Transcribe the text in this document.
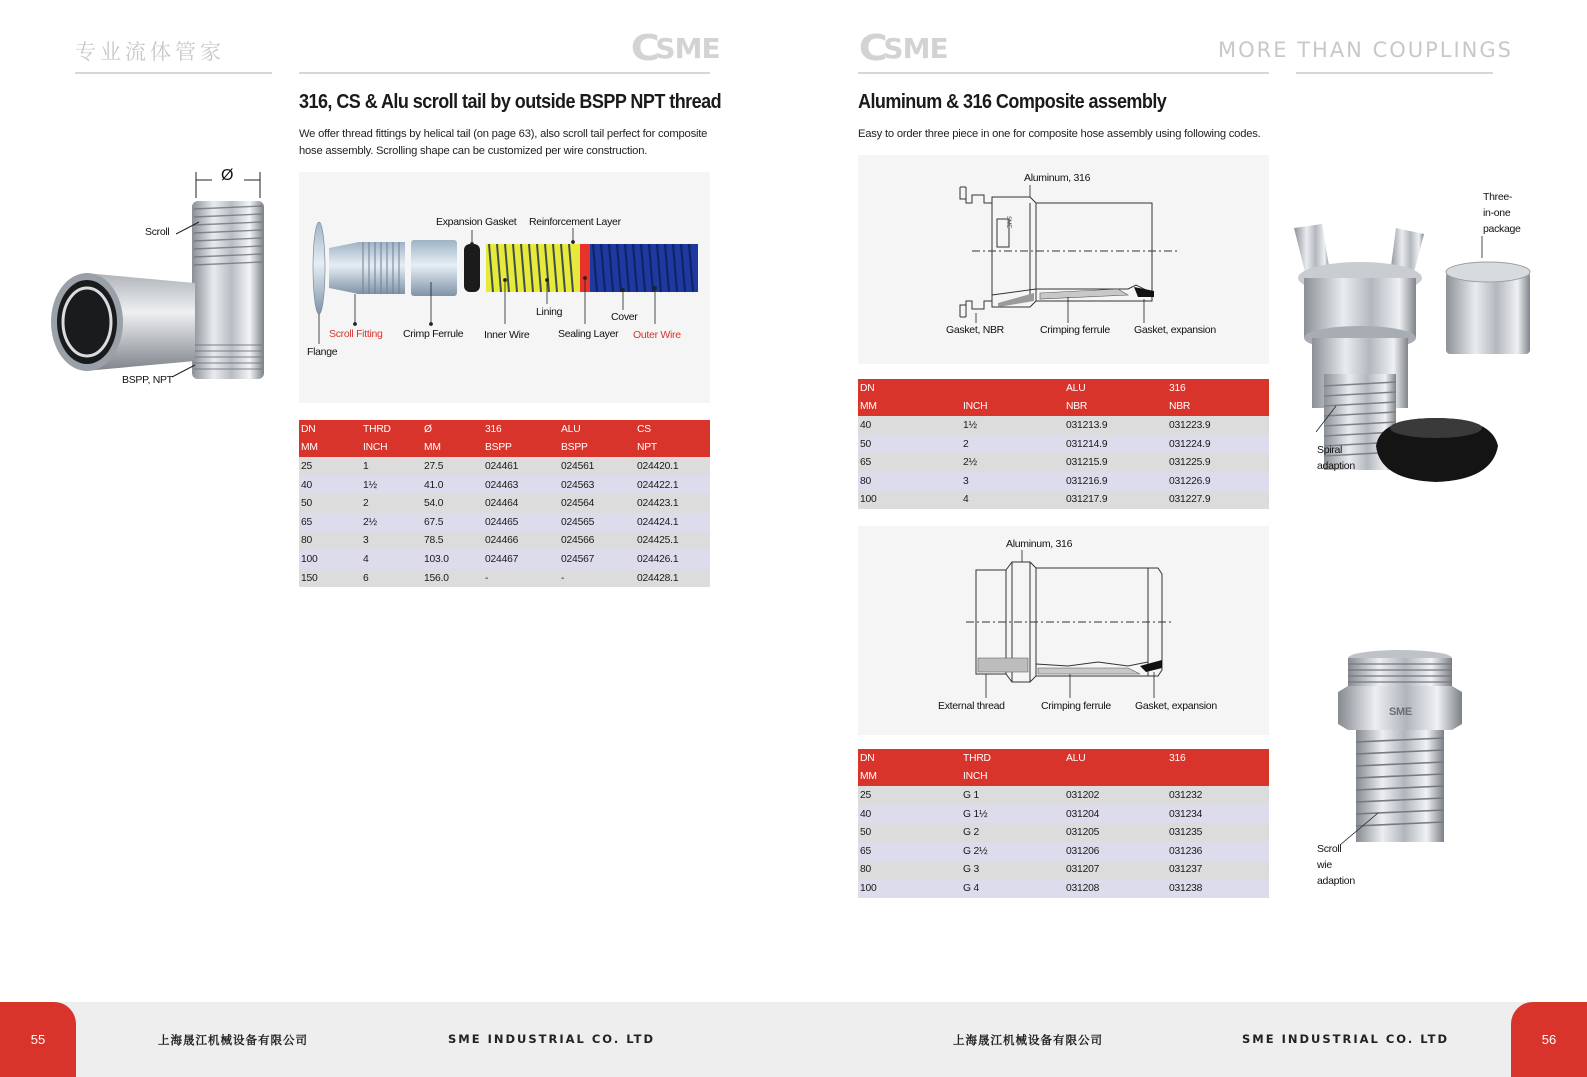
专业流体管家	C
SME	C
SME	MORE THAN COUPLINGS
316, CS & Alu scroll tail by outside BSPP NPT thread
We offer thread fittings by helical tail (on page 63), also scroll tail perfect for composite hose assembly. Scrolling shape can be customized per wire construction.
Ø
Scroll
BSPP, NPT
Expansion Gasket Reinforcement Layer
Lining	Cover
Scroll Fitting Crimp Ferrule Inner Wire	Sealing Layer Outer Wire
Flange
DN	THRD	Ø	316	ALU	CS
MM	INCH	MM	BSPP	BSPP	NPT
25	1	27.5	024461	024561	024420.1
40	1½	41.0	024463	024563	024422.1
50	2	54.0	024464	024564	024423.1
65	2½	67.5	024465	024565	024424.1
80	3	78.5	024466	024566	024425.1
100	4	103.0	024467	024567	024426.1
150	6	156.0	-	-	024428.1
Aluminum & 316 Composite assembly
Easy to order three piece in one for composite hose assembly using following codes.
Aluminum, 316
SME
Gasket, NBR	Crimping ferrule Gasket, expansion
DN		ALU	316
MM	INCH	NBR	NBR
40	1½	031213.9	031223.9
50	2	031214.9	031224.9
65	2½	031215.9	031225.9
80	3	031216.9	031226.9
100	4	031217.9	031227.9
Aluminum, 316
External thread	Crimping ferrule Gasket, expansion
DN	THRD	ALU	316
MM	INCH		
25	G 1	031202	031232
40	G 1½	031204	031234
50	G 2	031205	031235
65	G 2½	031206	031236
80	G 3	031207	031237
100	G 4	031208	031238
Three-
in-one
package
Spiral
adaption
SME
Scroll
wie
adaption
55	56
上海晟江机械设备有限公司	SME INDUSTRIAL CO. LTD	上海晟江机械设备有限公司	SME INDUSTRIAL CO. LTD
